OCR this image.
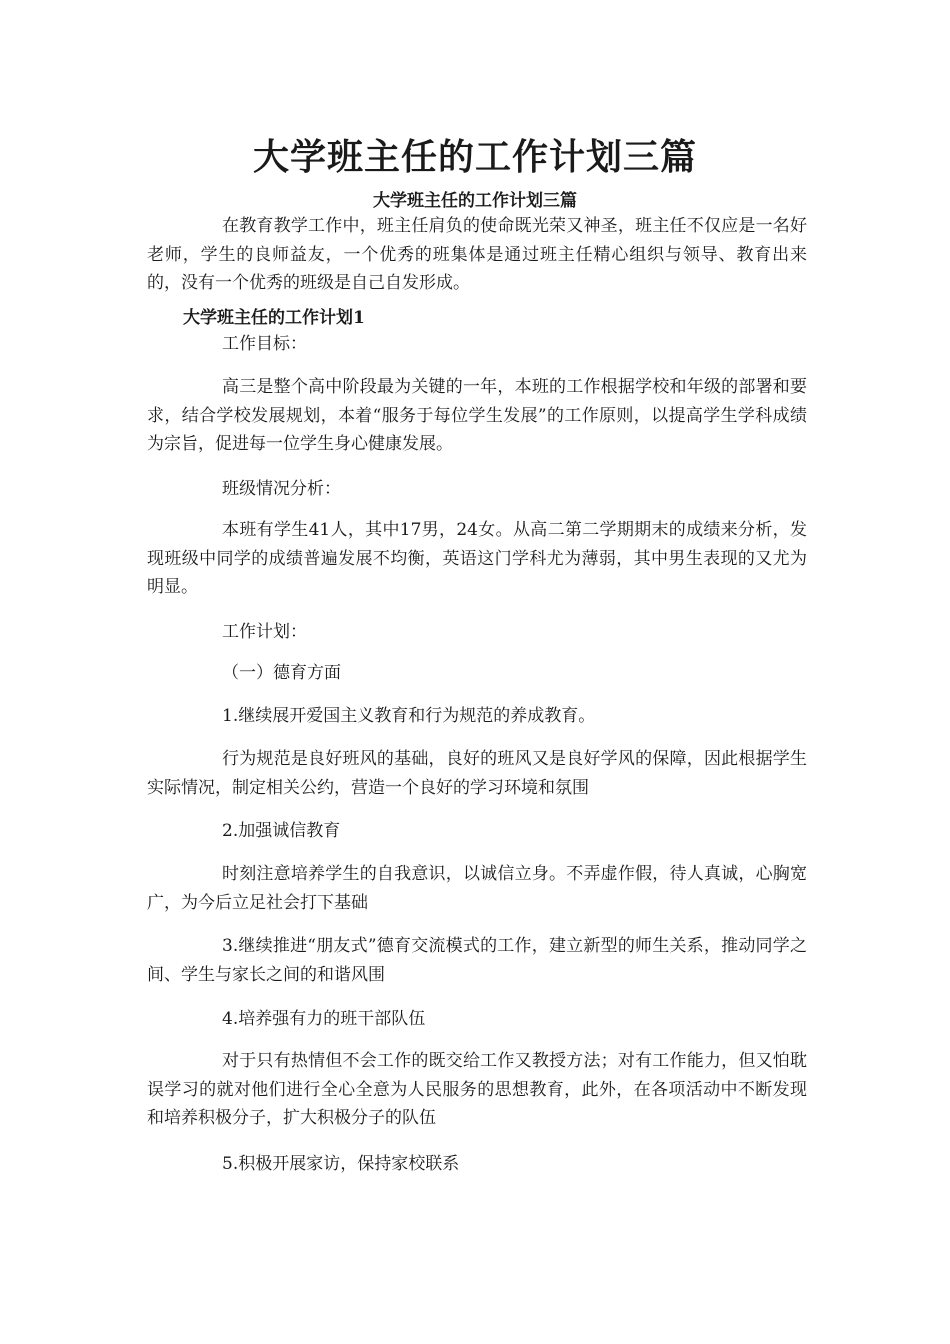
大学班主任的工作计划三篇
大学班主任的工作计划三篇
在教育教学工作中，班主任肩负的使命既光荣又神圣，班主任不仅应是一名好老师，学生的良师益友，一个优秀的班集体是通过班主任精心组织与领导、教育出来的，没有一个优秀的班级是自己自发形成。
大学班主任的工作计划1
工作目标：
高三是整个高中阶段最为关键的一年，本班的工作根据学校和年级的部署和要求，结合学校发展规划，本着“服务于每位学生发展”的工作原则，以提高学生学科成绩为宗旨，促进每一位学生身心健康发展。
班级情况分析：
本班有学生41人，其中17男，24女。从高二第二学期期末的成绩来分析，发现班级中同学的成绩普遍发展不均衡，英语这门学科尤为薄弱，其中男生表现的又尤为明显。
工作计划：
（一）德育方面
1.继续展开爱国主义教育和行为规范的养成教育。
行为规范是良好班风的基础，良好的班风又是良好学风的保障，因此根据学生实际情况，制定相关公约，营造一个良好的学习环境和氛围
2.加强诚信教育
时刻注意培养学生的自我意识，以诚信立身。不弄虚作假，待人真诚，心胸宽广，为今后立足社会打下基础
3.继续推进“朋友式”德育交流模式的工作，建立新型的师生关系，推动同学之间、学生与家长之间的和谐风围
4.培养强有力的班干部队伍
对于只有热情但不会工作的既交给工作又教授方法；对有工作能力，但又怕耽误学习的就对他们进行全心全意为人民服务的思想教育，此外，在各项活动中不断发现和培养积极分子，扩大积极分子的队伍
5.积极开展家访，保持家校联系
